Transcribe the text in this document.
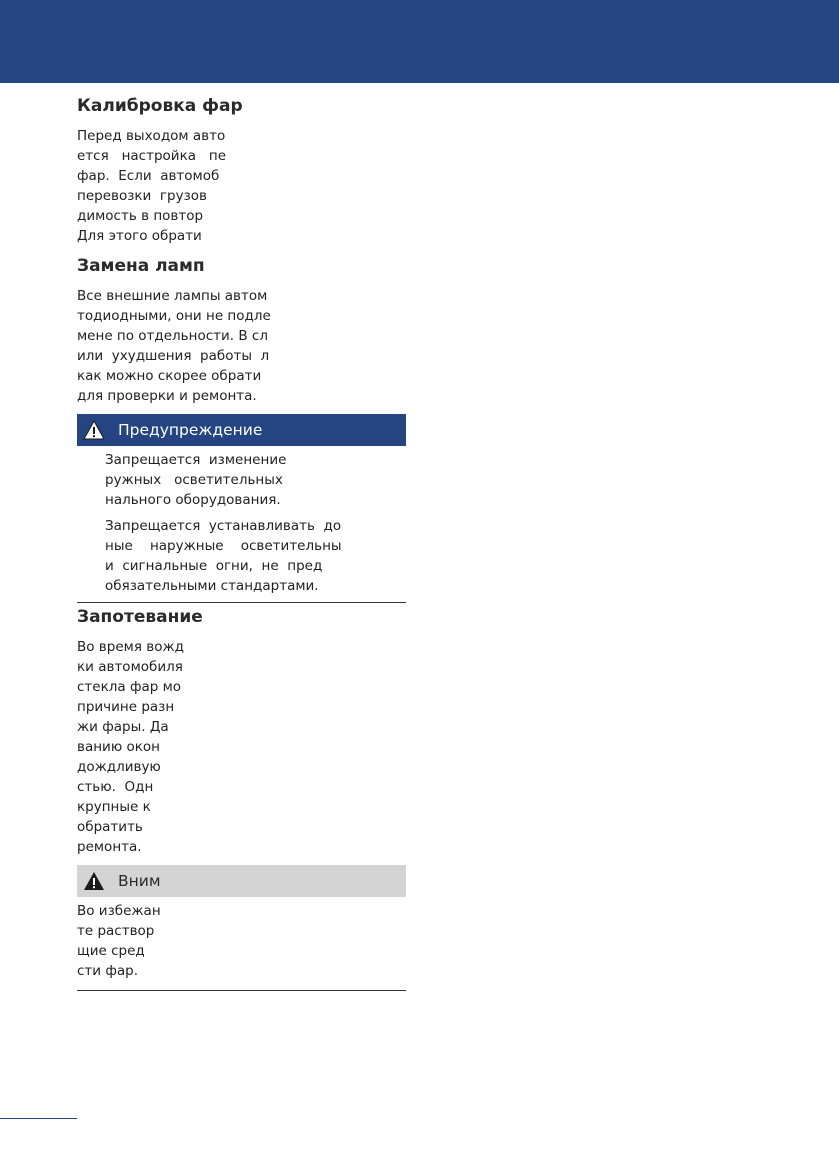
Калибровка фар
Перед выходом авто
ется   настройка   пе
фар.  Если  автомоб
перевозки  грузов
димость в повтор
Для этого обрати
Замена ламп
Все внешние лампы автом
тодиодными, они не подле
мене по отдельности. В сл
или  ухудшения  работы  л
как можно скорее обрати
для проверки и ремонта.
Предупреждение
Запрещается  изменение
ружных   осветительных
нального оборудования.
Запрещается  устанавливать  до
ные    наружные    осветительны
и  сигнальные  огни,  не  пред
обязательными стандартами.
Запотевание
Во время вожд
ки автомобиля
стекла фар мо
причине разн
жи фары. Да
ванию окон
дождливую
стью.  Одн
крупные к
обратить
ремонта.
Вним
Во избежан
те раствор
щие сред
сти фар.
